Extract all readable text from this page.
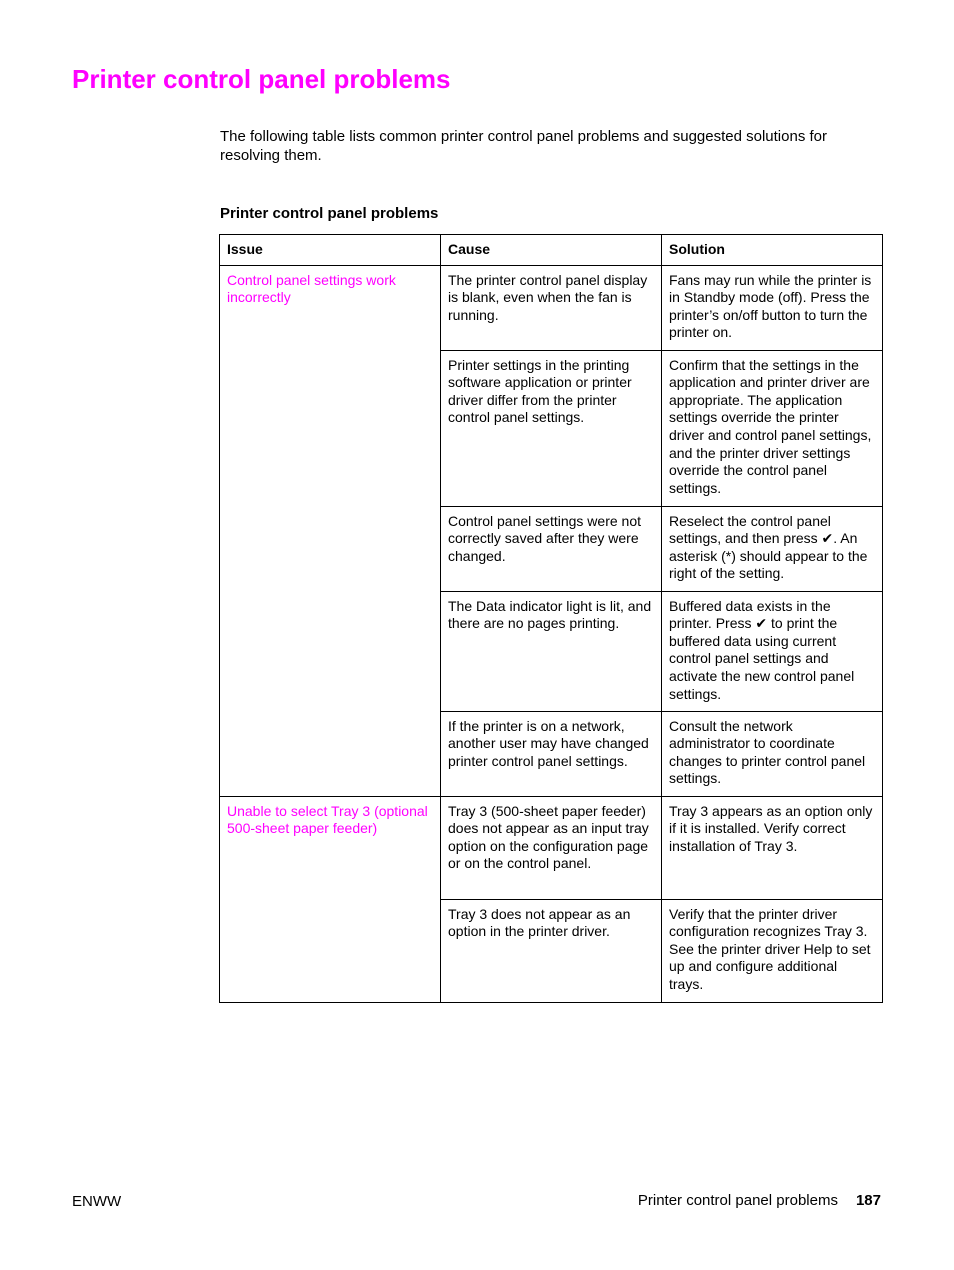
Printer control panel problems

The following table lists common printer control panel problems and suggested solutions for resolving them.

Printer control panel problems

Issue	Cause	Solution
Control panel settings work incorrectly	The printer control panel display is blank, even when the fan is running.	Fans may run while the printer is in Standby mode (off). Press the printer’s on/off button to turn the printer on.
	Printer settings in the printing software application or printer driver differ from the printer control panel settings.	Confirm that the settings in the application and printer driver are appropriate. The application settings override the printer driver and control panel settings, and the printer driver settings override the control panel settings.
	Control panel settings were not correctly saved after they were changed.	Reselect the control panel settings, and then press ✔. An asterisk (*) should appear to the right of the setting.
	The Data indicator light is lit, and there are no pages printing.	Buffered data exists in the printer. Press ✔ to print the buffered data using current control panel settings and activate the new control panel settings.
	If the printer is on a network, another user may have changed printer control panel settings.	Consult the network administrator to coordinate changes to printer control panel settings.
Unable to select Tray 3 (optional 500-sheet paper feeder)	Tray 3 (500-sheet paper feeder) does not appear as an input tray option on the configuration page or on the control panel.	Tray 3 appears as an option only if it is installed. Verify correct installation of Tray 3.
	Tray 3 does not appear as an option in the printer driver.	Verify that the printer driver configuration recognizes Tray 3. See the printer driver Help to set up and configure additional trays.
ENWW	Printer control panel problems 187
